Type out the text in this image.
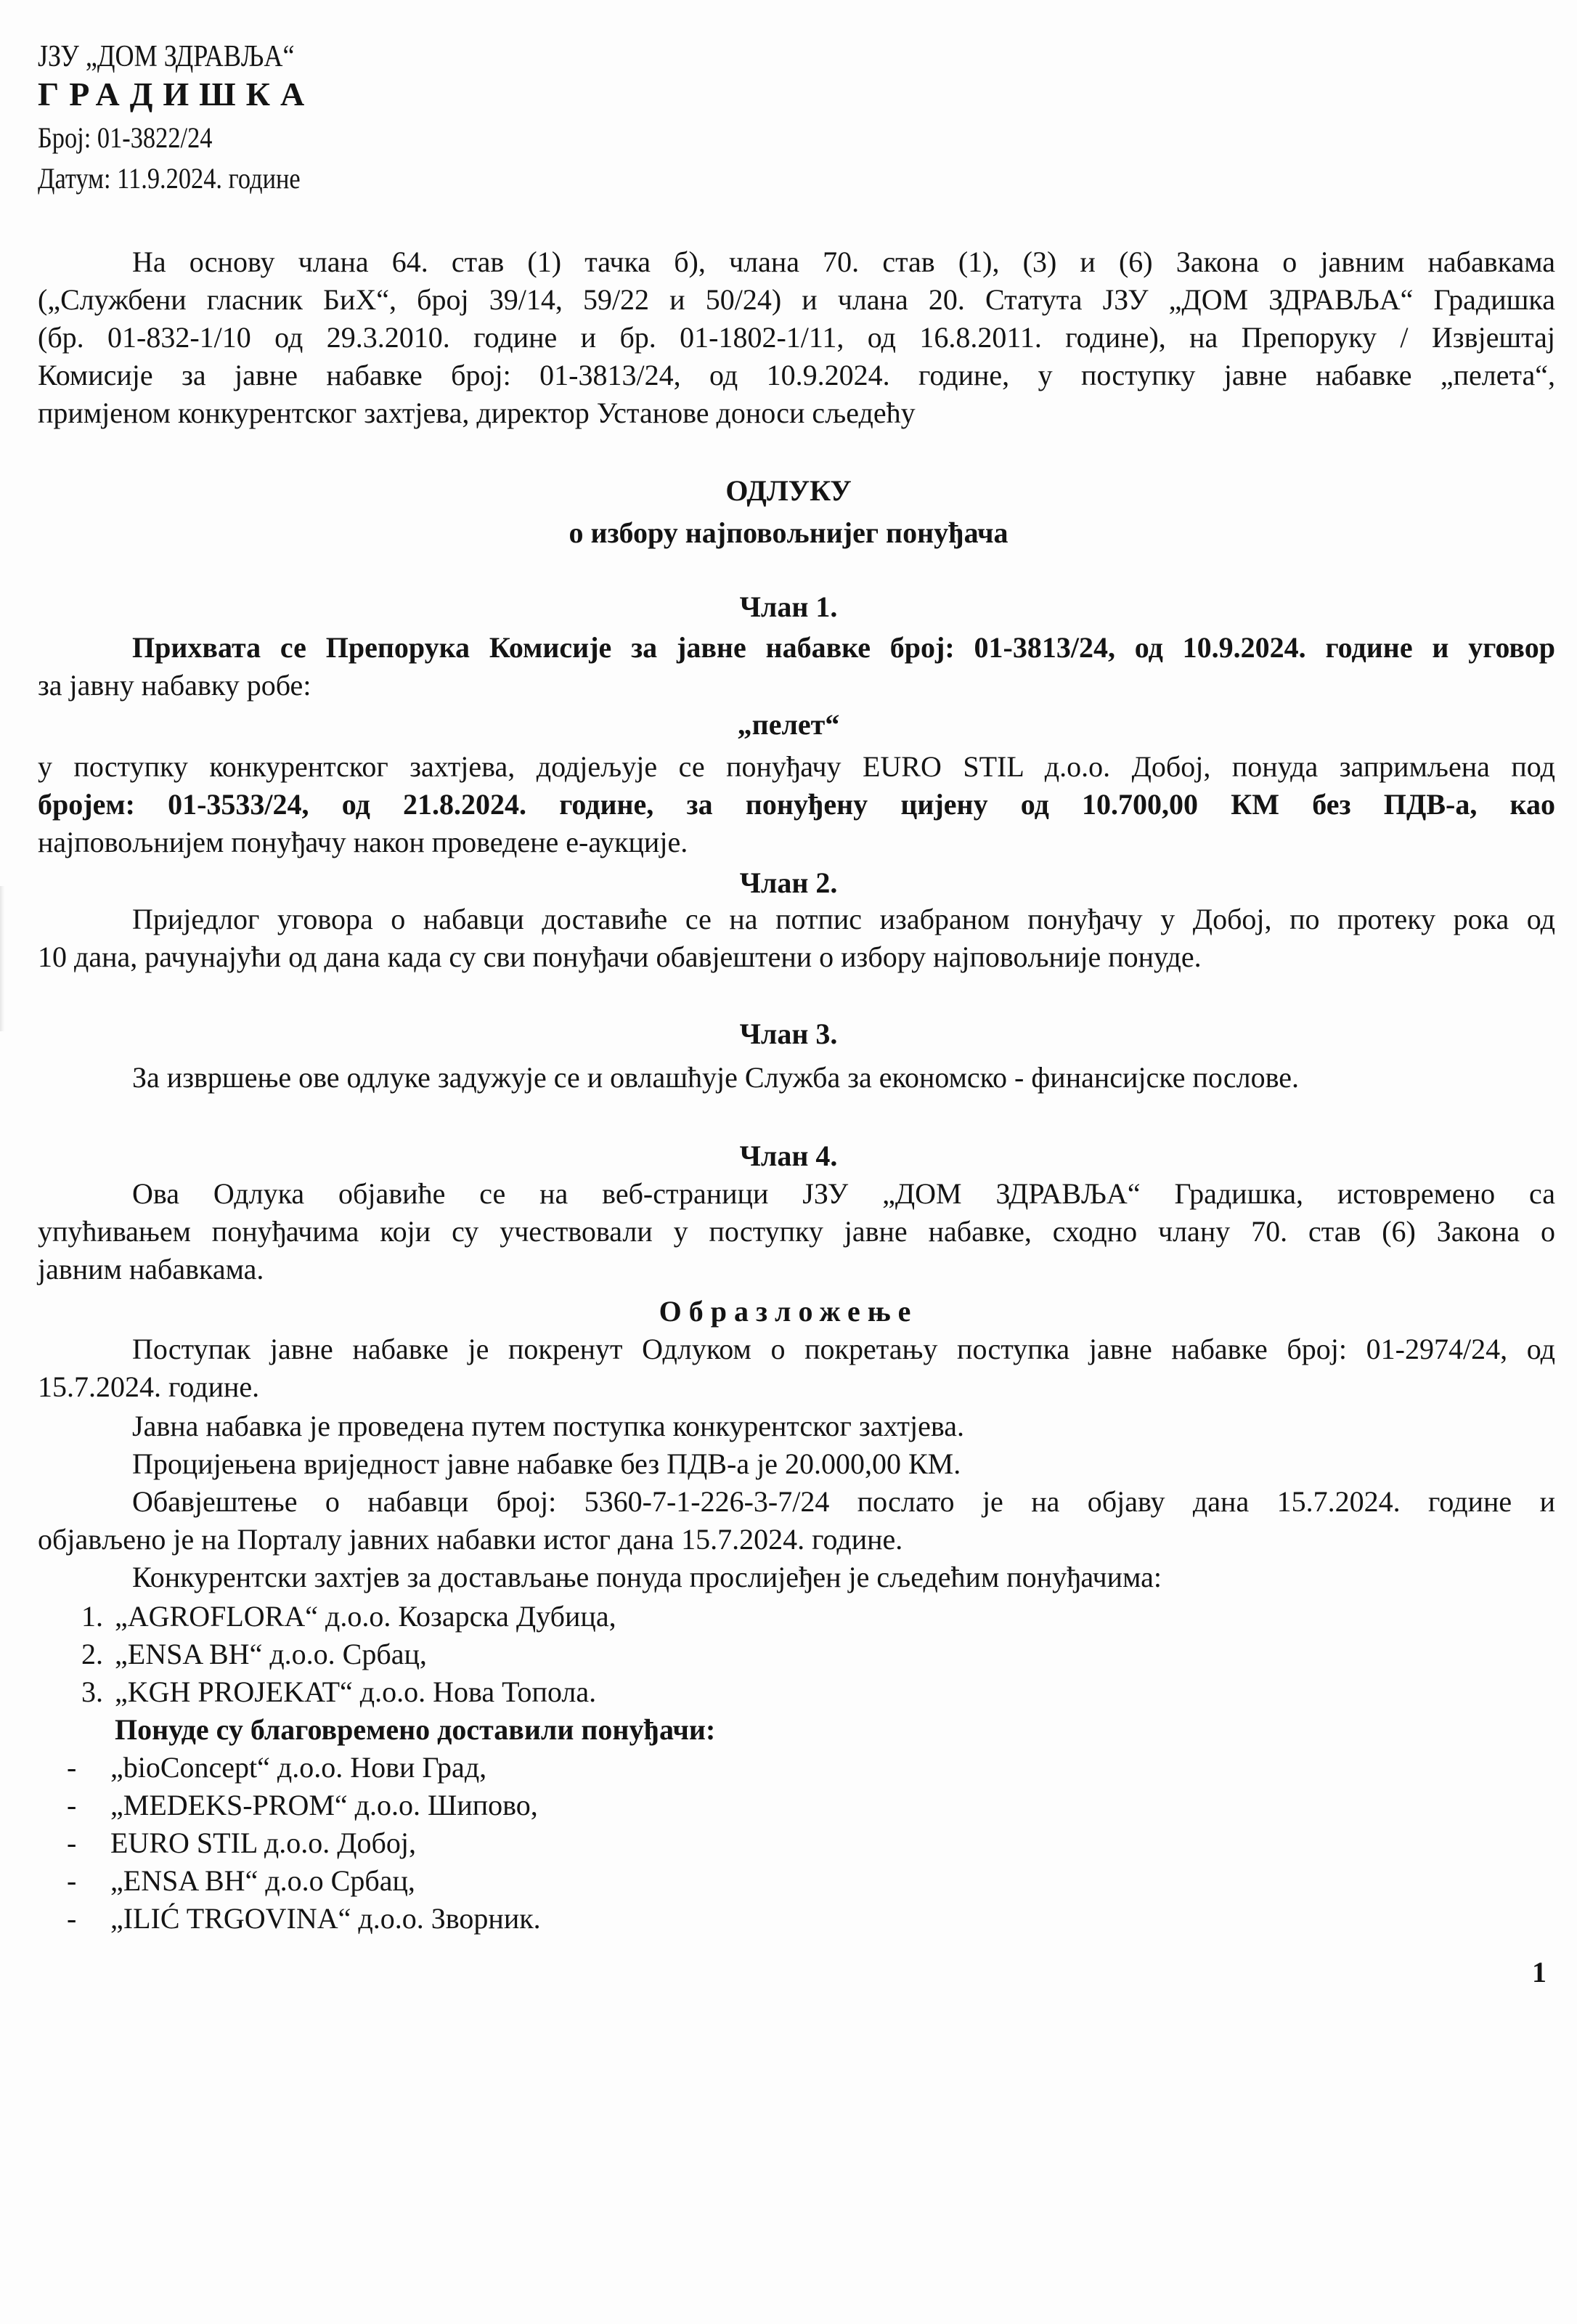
ЈЗУ „ДОМ ЗДРАВЉА“
ГРАДИШКА
Број: 01-3822/24
Датум: 11.9.2024. године
На основу члана 64. став (1) тачка б), члана 70. став (1), (3) и (6) Закона о јавним набавкама
(„Службени гласник БиХ“, број 39/14, 59/22 и 50/24) и члана 20. Статута ЈЗУ „ДОМ ЗДРАВЉА“ Градишка
(бр. 01-832-1/10 од 29.3.2010. године и бр. 01-1802-1/11, од 16.8.2011. године), на Препоруку / Извјештај
Комисије за јавне набавке број: 01-3813/24, од 10.9.2024. године, у поступку јавне набавке „пелета“,
примјеном конкурентског захтјева, директор Установе доноси сљедећу
ОДЛУКУ
о избору најповољнијег понуђача
Члан 1.
Прихвата се Препорука Комисије за јавне набавке број: 01-3813/24, од 10.9.2024. године и уговор
за јавну набавку робе:
„пелет“
у поступку конкурентског захтјева, додјељује се понуђачу EURO STIL д.о.о. Добој, понуда запримљена под
бројем: 01-3533/24, од 21.8.2024. године, за понуђену цијену од 10.700,00 КМ без ПДВ-а, као
најповољнијем понуђачу након проведене е-аукције.
Члан 2.
Приједлог уговора о набавци доставиће се на потпис изабраном понуђачу у Добој, по протеку рока од
10 дана, рачунајући од дана када су сви понуђачи обавјештени о избору најповољније понуде.
Члан 3.
За извршење ове одлуке задужује се и овлашћује Служба за економско - финансијске послове.
Члан 4.
Ова Одлука објавиће се на веб-страници ЈЗУ „ДОМ ЗДРАВЉА“ Градишка, истовремено са
упућивањем понуђачима који су учествовали у поступку јавне набавке, сходно члану 70. став (6) Закона о
јавним набавкама.
Образложење
Поступак јавне набавке је покренут Одлуком о покретању поступка јавне набавке број: 01-2974/24, од
15.7.2024. године.
Јавна набавка је проведена путем поступка конкурентског захтјева.
Процијењена вриједност јавне набавке без ПДВ-а је 20.000,00 КМ.
Обавјештење о набавци број: 5360-7-1-226-3-7/24 послато је на објаву дана 15.7.2024. године и
објављено је на Порталу јавних набавки истог дана 15.7.2024. године.
Конкурентски захтјев за достављање понуда прослијеђен је сљедећим понуђачима:
1. „AGROFLORA“ д.о.о. Козарска Дубица,
2. „ENSA BH“ д.о.о. Србац,
3. „KGH PROJEKAT“ д.о.о. Нова Топола.
Понуде су благовремено доставили понуђачи:
- „bioConcept“ д.о.о. Нови Град,
- „MEDEKS-PROM“ д.о.о. Шипово,
- EURO STIL д.о.о. Добој,
- „ENSA BH“ д.о.о Србац,
- „ILIĆ TRGOVINA“ д.о.о. Зворник.
1
